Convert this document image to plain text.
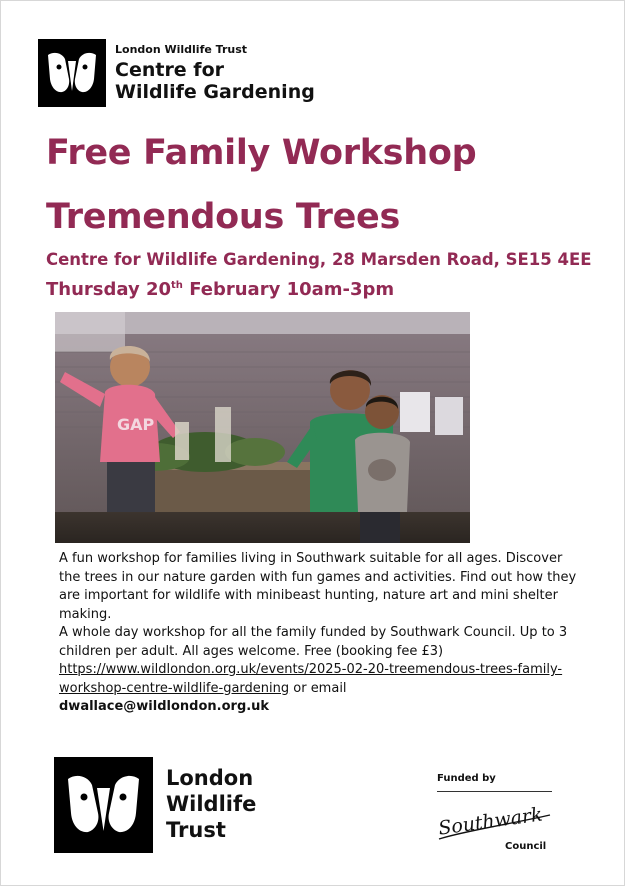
London Wildlife Trust
Centre for
Wildlife Gardening
Free Family Workshop
Tremendous Trees
Centre for Wildlife Gardening, 28 Marsden Road, SE15 4EE
Thursday 20th February 10am-3pm
GAP

A fun workshop for families living in Southwark suitable for all ages. Discover the trees in our nature garden with fun games and activities. Find out how they are important for wildlife with minibeast hunting, nature art and mini shelter making.

A whole day workshop for all the family funded by Southwark Council. Up to 3 children per adult. All ages welcome. Free (booking fee £3)
https://www.wildlondon.org.uk/events/2025-02-20-treemendous-trees-family-workshop-centre-wildlife-gardening or email
dwallace@wildlondon.org.uk

London
Wildlife
Trust
Funded by
Southwark
Council
